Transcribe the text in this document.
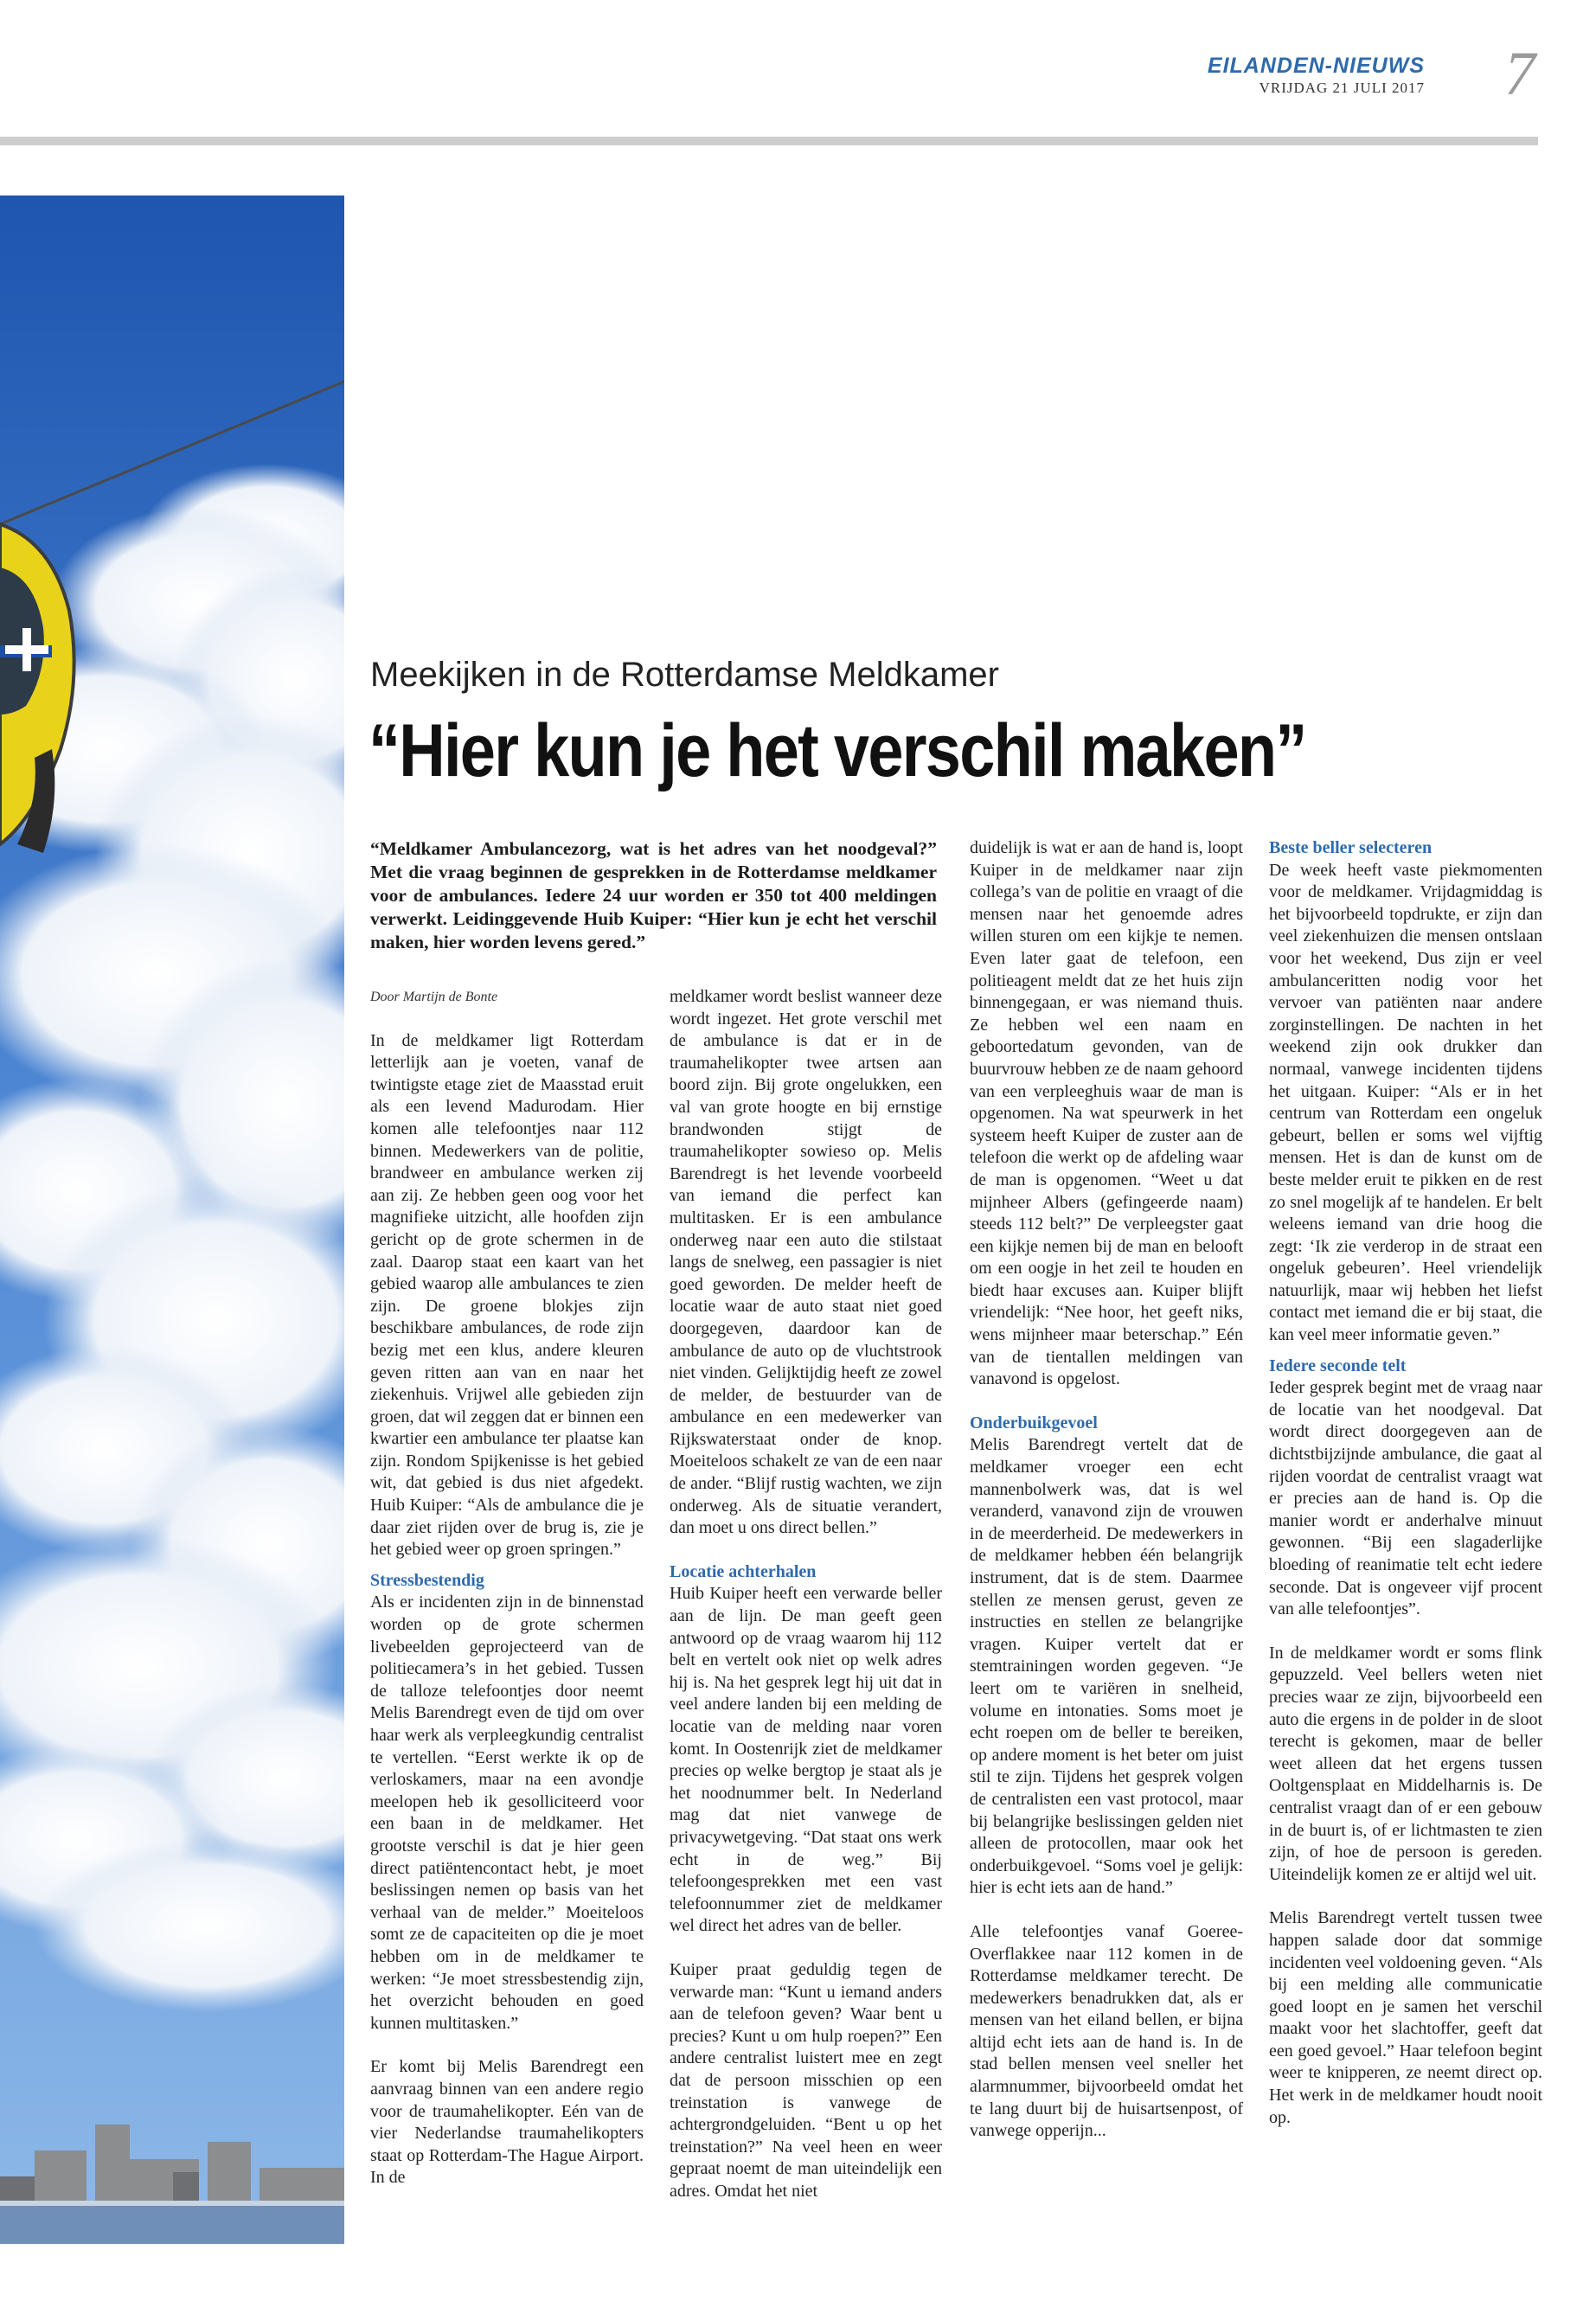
EILANDEN-NIEUWS
VRIJDAG 21 JULI 2017 7
Meekijken in de Rotterdamse Meldkamer
“Hier kun je het verschil maken”

“Meldkamer Ambulancezorg, wat is het adres van het noodgeval?” Met die vraag beginnen de gesprekken in de Rotterdamse meldkamer voor de ambulances. Iedere 24 uur worden er 350 tot 400 meldingen verwerkt. Leidinggevende Huib Kuiper: “Hier kun je echt het verschil maken, hier worden levens gered.”

Door Martijn de Bonte

In de meldkamer ligt Rotterdam letterlijk aan je voeten, vanaf de twintigste etage ziet de Maasstad eruit als een levend Madurodam. Hier komen alle telefoontjes naar 112 binnen. Medewerkers van de politie, brandweer en ambulance werken zij aan zij. Ze hebben geen oog voor het magnifieke uitzicht, alle hoofden zijn gericht op de grote schermen in de zaal. Daarop staat een kaart van het gebied waarop alle ambulances te zien zijn. De groene blokjes zijn beschikbare ambulances, de rode zijn bezig met een klus, andere kleuren geven ritten aan van en naar het ziekenhuis. Vrijwel alle gebieden zijn groen, dat wil zeggen dat er binnen een kwartier een ambulance ter plaatse kan zijn. Rondom Spijkenisse is het gebied wit, dat gebied is dus niet afgedekt. Huib Kuiper: “Als de ambulance die je daar ziet rijden over de brug is, zie je het gebied weer op groen springen.”

Stressbestendig

Als er incidenten zijn in de binnenstad worden op de grote schermen livebeelden geprojecteerd van de politiecamera’s in het gebied. Tussen de talloze telefoontjes door neemt Melis Barendregt even de tijd om over haar werk als verpleegkundig centralist te vertellen. “Eerst werkte ik op de verloskamers, maar na een avondje meelopen heb ik gesolliciteerd voor een baan in de meldkamer. Het grootste verschil is dat je hier geen direct patiëntencontact hebt, je moet beslissingen nemen op basis van het verhaal van de melder.” Moeiteloos somt ze de capaciteiten op die je moet hebben om in de meldkamer te werken: “Je moet stressbestendig zijn, het overzicht behouden en goed kunnen multitasken.”

Er komt bij Melis Barendregt een aanvraag binnen van een andere regio voor de traumahelikopter. Eén van de vier Nederlandse traumahelikopters staat op Rotterdam-The Hague Airport. In de

meldkamer wordt beslist wanneer deze wordt ingezet. Het grote verschil met de ambulance is dat er in de traumahelikopter twee artsen aan boord zijn. Bij grote ongelukken, een val van grote hoogte en bij ernstige brandwonden stijgt de traumahelikopter sowieso op. Melis Barendregt is het levende voorbeeld van iemand die perfect kan multitasken. Er is een ambulance onderweg naar een auto die stilstaat langs de snelweg, een passagier is niet goed geworden. De melder heeft de locatie waar de auto staat niet goed doorgegeven, daardoor kan de ambulance de auto op de vluchtstrook niet vinden. Gelijktijdig heeft ze zowel de melder, de bestuurder van de ambulance en een medewerker van Rijkswaterstaat onder de knop. Moeiteloos schakelt ze van de een naar de ander. “Blijf rustig wachten, we zijn onderweg. Als de situatie verandert, dan moet u ons direct bellen.”

Locatie achterhalen

Huib Kuiper heeft een verwarde beller aan de lijn. De man geeft geen antwoord op de vraag waarom hij 112 belt en vertelt ook niet op welk adres hij is. Na het gesprek legt hij uit dat in veel andere landen bij een melding de locatie van de melding naar voren komt. In Oostenrijk ziet de meldkamer precies op welke bergtop je staat als je het noodnummer belt. In Nederland mag dat niet vanwege de privacywetgeving. “Dat staat ons werk echt in de weg.” Bij telefoongesprekken met een vast telefoonnummer ziet de meldkamer wel direct het adres van de beller.

Kuiper praat geduldig tegen de verwarde man: “Kunt u iemand anders aan de telefoon geven? Waar bent u precies? Kunt u om hulp roepen?” Een andere centralist luistert mee en zegt dat de persoon misschien op een treinstation is vanwege de achtergrondgeluiden. “Bent u op het treinstation?” Na veel heen en weer gepraat noemt de man uiteindelijk een adres. Omdat het niet

duidelijk is wat er aan de hand is, loopt Kuiper in de meldkamer naar zijn collega’s van de politie en vraagt of die mensen naar het genoemde adres willen sturen om een kijkje te nemen. Even later gaat de telefoon, een politieagent meldt dat ze het huis zijn binnengegaan, er was niemand thuis. Ze hebben wel een naam en geboortedatum gevonden, van de buurvrouw hebben ze de naam gehoord van een verpleeghuis waar de man is opgenomen. Na wat speurwerk in het systeem heeft Kuiper de zuster aan de telefoon die werkt op de afdeling waar de man is opgenomen. “Weet u dat mijnheer Albers (gefingeerde naam) steeds 112 belt?” De verpleegster gaat een kijkje nemen bij de man en belooft om een oogje in het zeil te houden en biedt haar excuses aan. Kuiper blijft vriendelijk: “Nee hoor, het geeft niks, wens mijnheer maar beterschap.” Eén van de tientallen meldingen van vanavond is opgelost.

Onderbuikgevoel

Melis Barendregt vertelt dat de meldkamer vroeger een echt mannenbolwerk was, dat is wel veranderd, vanavond zijn de vrouwen in de meerderheid. De medewerkers in de meldkamer hebben één belangrijk instrument, dat is de stem. Daarmee stellen ze mensen gerust, geven ze instructies en stellen ze belangrijke vragen. Kuiper vertelt dat er stemtrainingen worden gegeven. “Je leert om te variëren in snelheid, volume en intonaties. Soms moet je echt roepen om de beller te bereiken, op andere moment is het beter om juist stil te zijn. Tijdens het gesprek volgen de centralisten een vast protocol, maar bij belangrijke beslissingen gelden niet alleen de protocollen, maar ook het onderbuikgevoel. “Soms voel je gelijk: hier is echt iets aan de hand.”

Alle telefoontjes vanaf Goeree-Overflakkee naar 112 komen in de Rotterdamse meldkamer terecht. De medewerkers benadrukken dat, als er mensen van het eiland bellen, er bijna altijd echt iets aan de hand is. In de stad bellen mensen veel sneller het alarmnummer, bijvoorbeeld omdat het te lang duurt bij de huisartsenpost, of vanwege opperijn...

Beste beller selecteren

De week heeft vaste piekmomenten voor de meldkamer. Vrijdagmiddag is het bijvoorbeeld topdrukte, er zijn dan veel ziekenhuizen die mensen ontslaan voor het weekend, Dus zijn er veel ambulanceritten nodig voor het vervoer van patiënten naar andere zorginstellingen. De nachten in het weekend zijn ook drukker dan normaal, vanwege incidenten tijdens het uitgaan. Kuiper: “Als er in het centrum van Rotterdam een ongeluk gebeurt, bellen er soms wel vijftig mensen. Het is dan de kunst om de beste melder eruit te pikken en de rest zo snel mogelijk af te handelen. Er belt weleens iemand van drie hoog die zegt: ‘Ik zie verderop in de straat een ongeluk gebeuren’. Heel vriendelijk natuurlijk, maar wij hebben het liefst contact met iemand die er bij staat, die kan veel meer informatie geven.”

Iedere seconde telt

Ieder gesprek begint met de vraag naar de locatie van het noodgeval. Dat wordt direct doorgegeven aan de dichtstbijzijnde ambulance, die gaat al rijden voordat de centralist vraagt wat er precies aan de hand is. Op die manier wordt er anderhalve minuut gewonnen. “Bij een slagaderlijke bloeding of reanimatie telt echt iedere seconde. Dat is ongeveer vijf procent van alle telefoontjes”.

In de meldkamer wordt er soms flink gepuzzeld. Veel bellers weten niet precies waar ze zijn, bijvoorbeeld een auto die ergens in de polder in de sloot terecht is gekomen, maar de beller weet alleen dat het ergens tussen Ooltgensplaat en Middelharnis is. De centralist vraagt dan of er een gebouw in de buurt is, of er lichtmasten te zien zijn, of hoe de persoon is gereden. Uiteindelijk komen ze er altijd wel uit.

Melis Barendregt vertelt tussen twee happen salade door dat sommige incidenten veel voldoening geven. “Als bij een melding alle communicatie goed loopt en je samen het verschil maakt voor het slachtoffer, geeft dat een goed gevoel.” Haar telefoon begint weer te knipperen, ze neemt direct op. Het werk in de meldkamer houdt nooit op.
